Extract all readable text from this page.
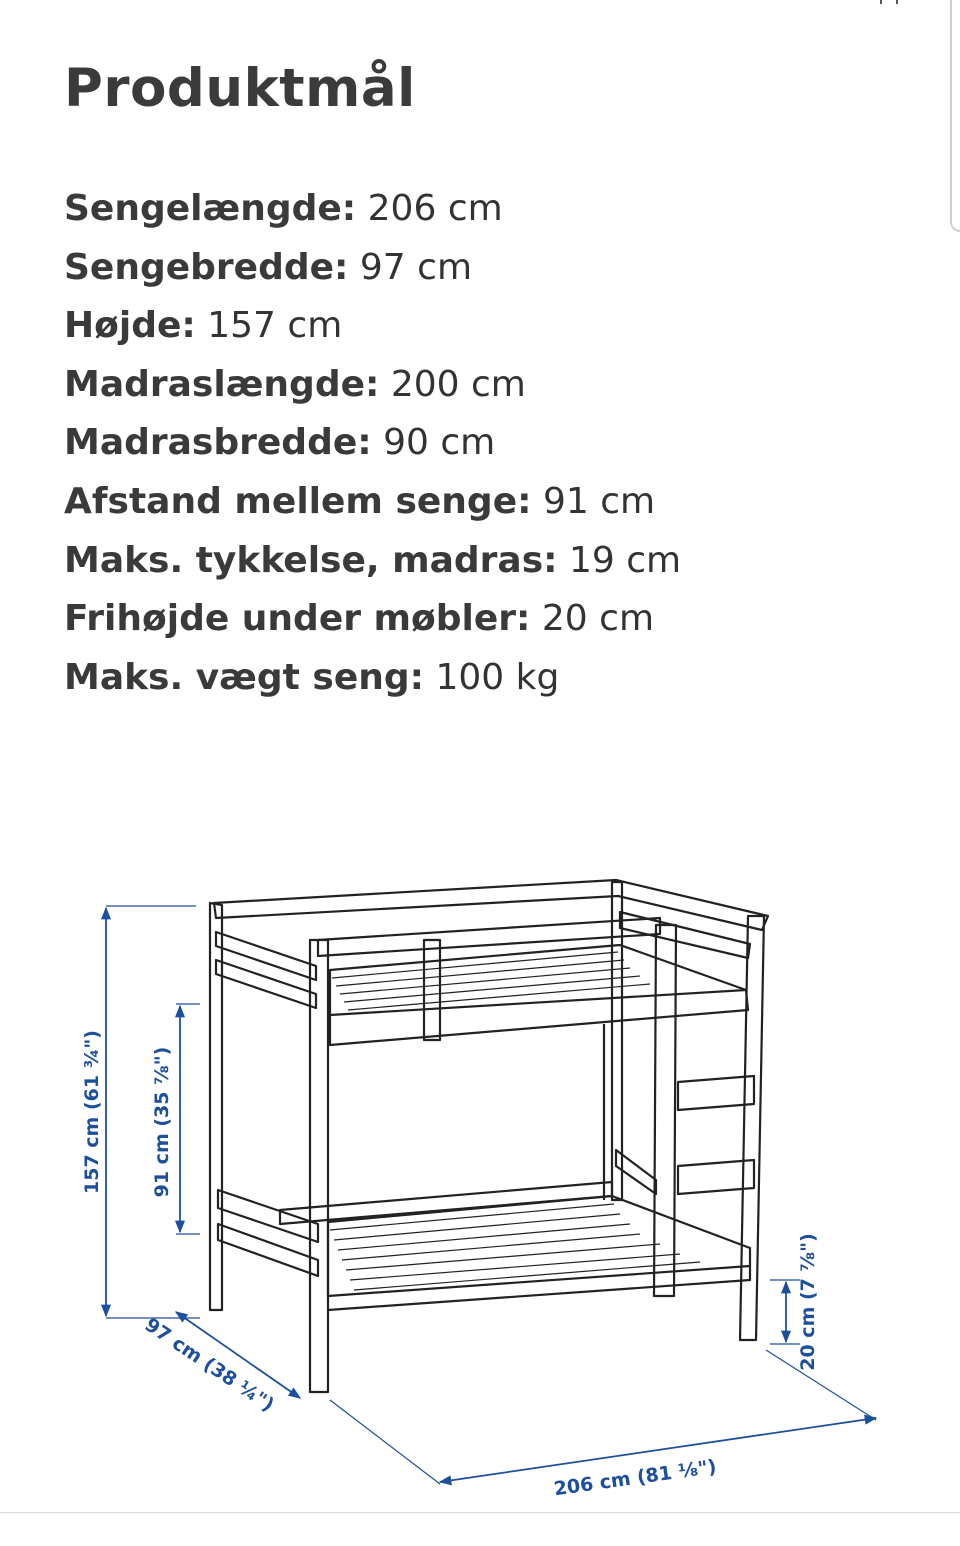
Produktmål
Sengelængde: 206 cm
Sengebredde: 97 cm
Højde: 157 cm
Madraslængde: 200 cm
Madrasbredde: 90 cm
Afstand mellem senge: 91 cm
Maks. tykkelse, madras: 19 cm
Frihøjde under møbler: 20 cm
Maks. vægt seng: 100 kg
157 cm (61 ¾")	91 cm (35 ⅞")
97 cm (38 ¼")
206 cm (81 ⅛")
20 cm (7 ⅞")
